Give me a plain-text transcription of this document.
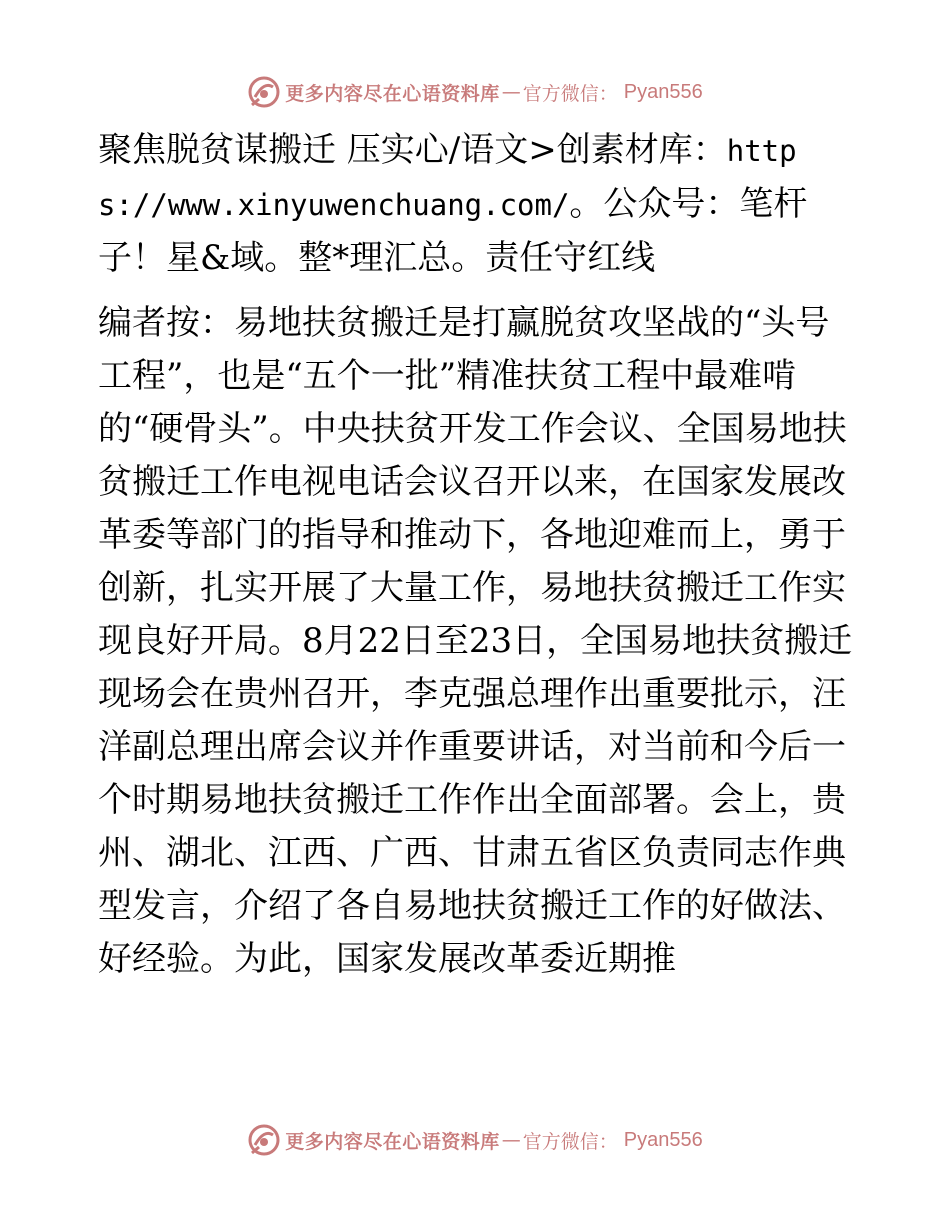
更多内容尽在心语资料库 — 官方微信： Pyan556

聚焦脱贫谋搬迁 压实心/语文>创素材库：https://www.xinyuwenchuang.com/。公众号：笔杆子！星&域。整*理汇总。责任守红线

编者按：易地扶贫搬迁是打赢脱贫攻坚战的“头号工程”，也是“五个一批”精准扶贫工程中最难啃的“硬骨头”。中央扶贫开发工作会议、全国易地扶贫搬迁工作电视电话会议召开以来，在国家发展改革委等部门的指导和推动下，各地迎难而上，勇于创新，扎实开展了大量工作，易地扶贫搬迁工作实现良好开局。8月22日至23日，全国易地扶贫搬迁现场会在贵州召开，李克强总理作出重要批示，汪洋副总理出席会议并作重要讲话，对当前和今后一个时期易地扶贫搬迁工作作出全面部署。会上，贵州、湖北、江西、广西、甘肃五省区负责同志作典型发言，介绍了各自易地扶贫搬迁工作的好做法、好经验。为此，国家发展改革委近期推

更多内容尽在心语资料库 — 官方微信： Pyan556
